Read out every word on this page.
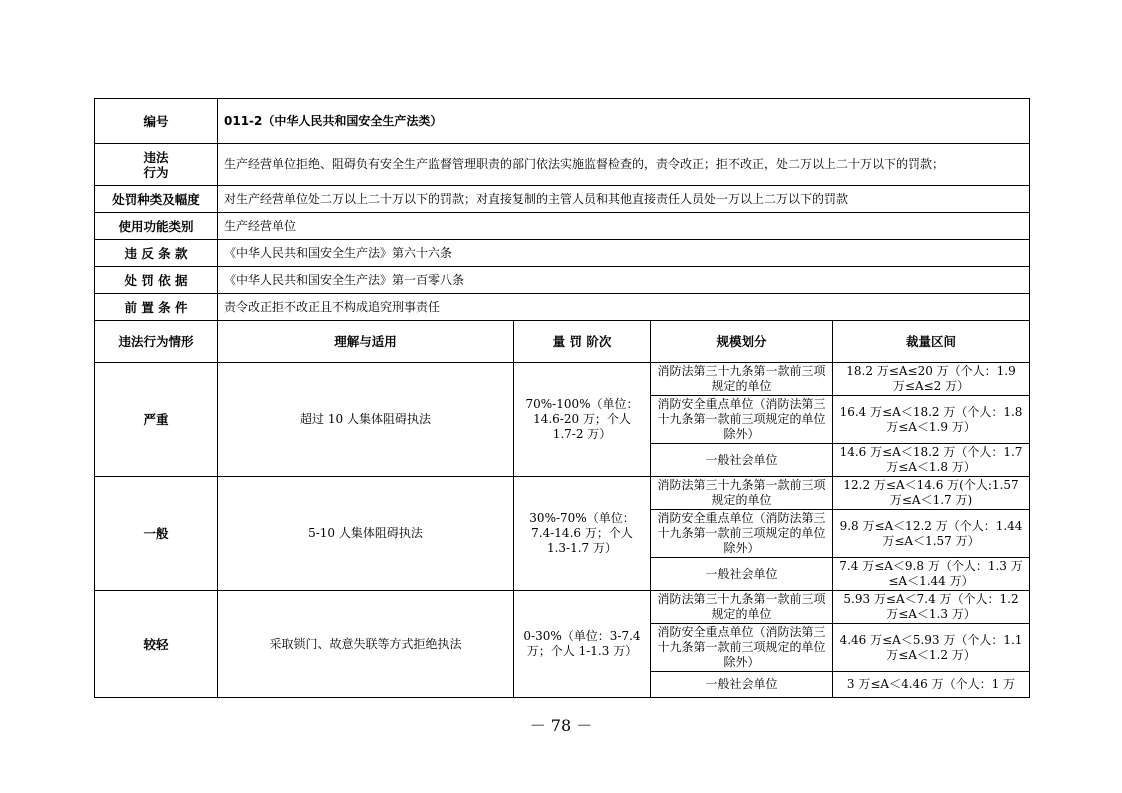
编号	011-2（中华人民共和国安全生产法类）			

违法
行为	生产经营单位拒绝、阻碍负有安全生产监督管理职责的部门依法实施监督检查的，责令改正；拒不改正，处二万以上二十万以下的罚款；			
处罚种类及幅度	对生产经营单位处二万以上二十万以下的罚款；对直接复制的主管人员和其他直接责任人员处一万以上二万以下的罚款			
使用功能类别	生产经营单位			
违 反 条 款	《中华人民共和国安全生产法》第六十六条			
处 罚 依 据	《中华人民共和国安全生产法》第一百零八条			
前 置 条 件	责令改正拒不改正且不构成追究刑事责任			
违法行为情形	理解与适用	量 罚 阶次	规模划分	裁量区间
严重	超过 10 人集体阻碍执法	70%-100%（单位：14.6-20 万；个人 1.7-2 万）	消防法第三十九条第一款前三项规定的单位	18.2 万≤A≤20 万（个人：1.9 万≤A≤2 万）
			消防安全重点单位（消防法第三十九条第一款前三项规定的单位除外）	16.4 万≤A＜18.2 万（个人：1.8 万≤A＜1.9 万）
			一般社会单位	14.6 万≤A＜18.2 万（个人：1.7 万≤A＜1.8 万）
一般	5-10 人集体阻碍执法	30%-70%（单位：7.4-14.6 万；个人 1.3-1.7 万）	消防法第三十九条第一款前三项规定的单位	12.2 万≤A＜14.6 万(个人:1.57 万≤A＜1.7 万)
			消防安全重点单位（消防法第三十九条第一款前三项规定的单位除外）	9.8 万≤A＜12.2 万（个人：1.44 万≤A＜1.57 万）
			一般社会单位	7.4 万≤A＜9.8 万（个人：1.3 万≤A＜1.44 万）
较轻	采取锁门、故意失联等方式拒绝执法	0-30%（单位：3-7.4 万；个人 1-1.3 万）	消防法第三十九条第一款前三项规定的单位	5.93 万≤A＜7.4 万（个人：1.2 万≤A＜1.3 万）
			消防安全重点单位（消防法第三十九条第一款前三项规定的单位除外）	4.46 万≤A＜5.93 万（个人：1.1 万≤A＜1.2 万）
			一般社会单位	3 万≤A＜4.46 万（个人：1 万
－ 78 －
